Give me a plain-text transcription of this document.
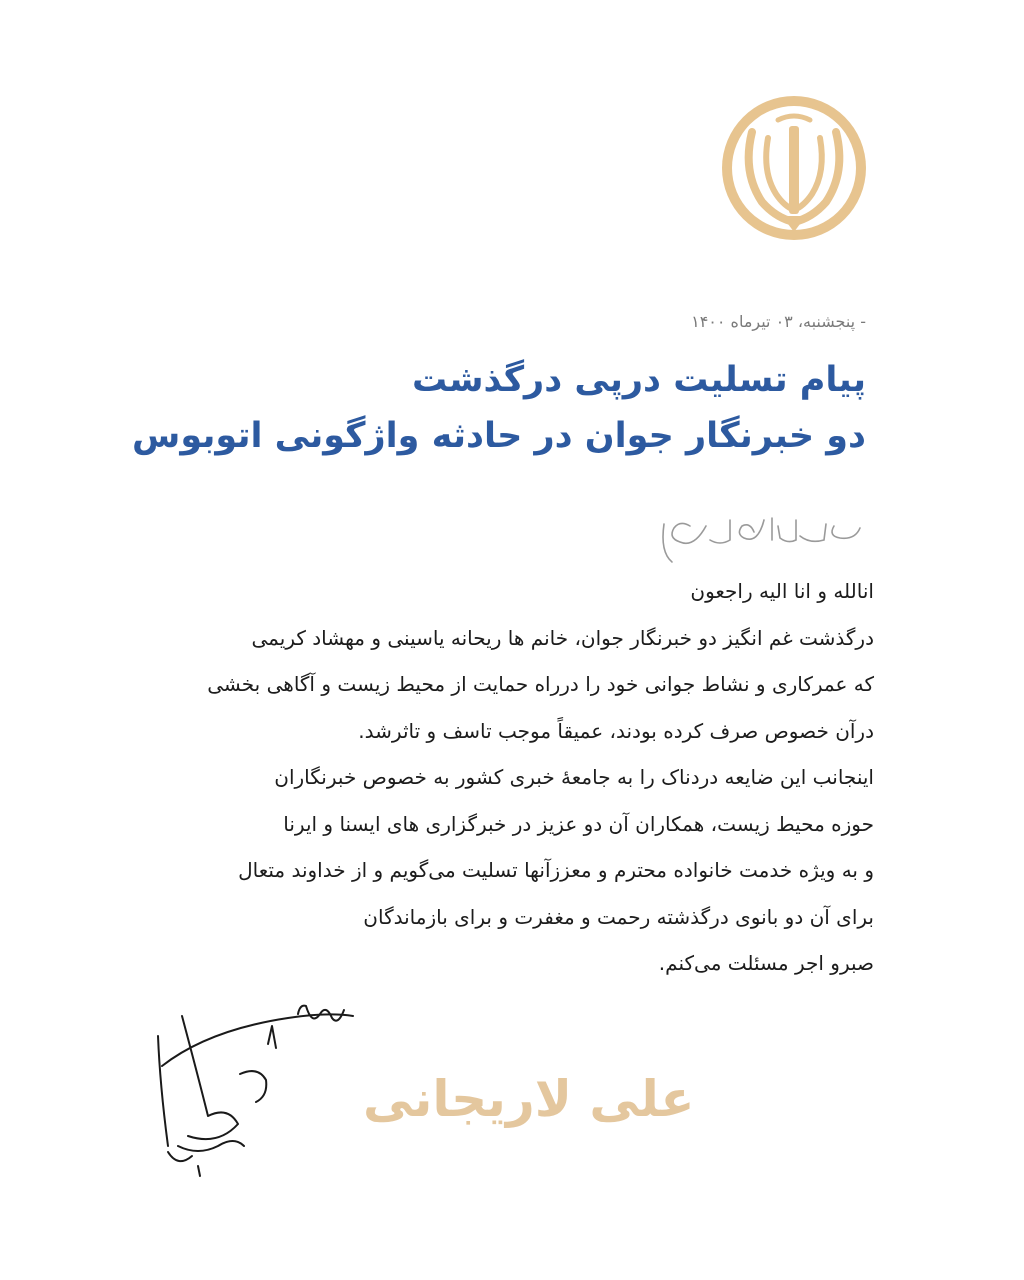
- پنجشنبه، ۰۳ تیرماه ۱۴۰۰
پیام تسلیت درپی درگذشت
دو خبرنگار جوان در حادثه واژگونی اتوبوس
انالله و انا الیه راجعون
درگذشت غم انگیز دو خبرنگار جوان، خانم ها ریحانه یاسینی و مهشاد کریمی
که عمرکاری و نشاط جوانی خود را درراه حمایت از محیط زیست و آگاهی بخشی
درآن خصوص صرف کرده بودند، عمیقاً موجب تاسف و تاثرشد.
اینجانب این ضایعه دردناک را به جامعهٔ خبری کشور به خصوص خبرنگاران
حوزه محیط زیست، همکاران آن دو عزیز در خبرگزاری های ایسنا و ایرنا
و به ویژه خدمت خانواده محترم و معززآنها تسلیت می‌گویم و از خداوند متعال
برای آن دو بانوی درگذشته رحمت و مغفرت و برای بازماندگان
صبرو اجر مسئلت می‌کنم.
علی لاریجانی
